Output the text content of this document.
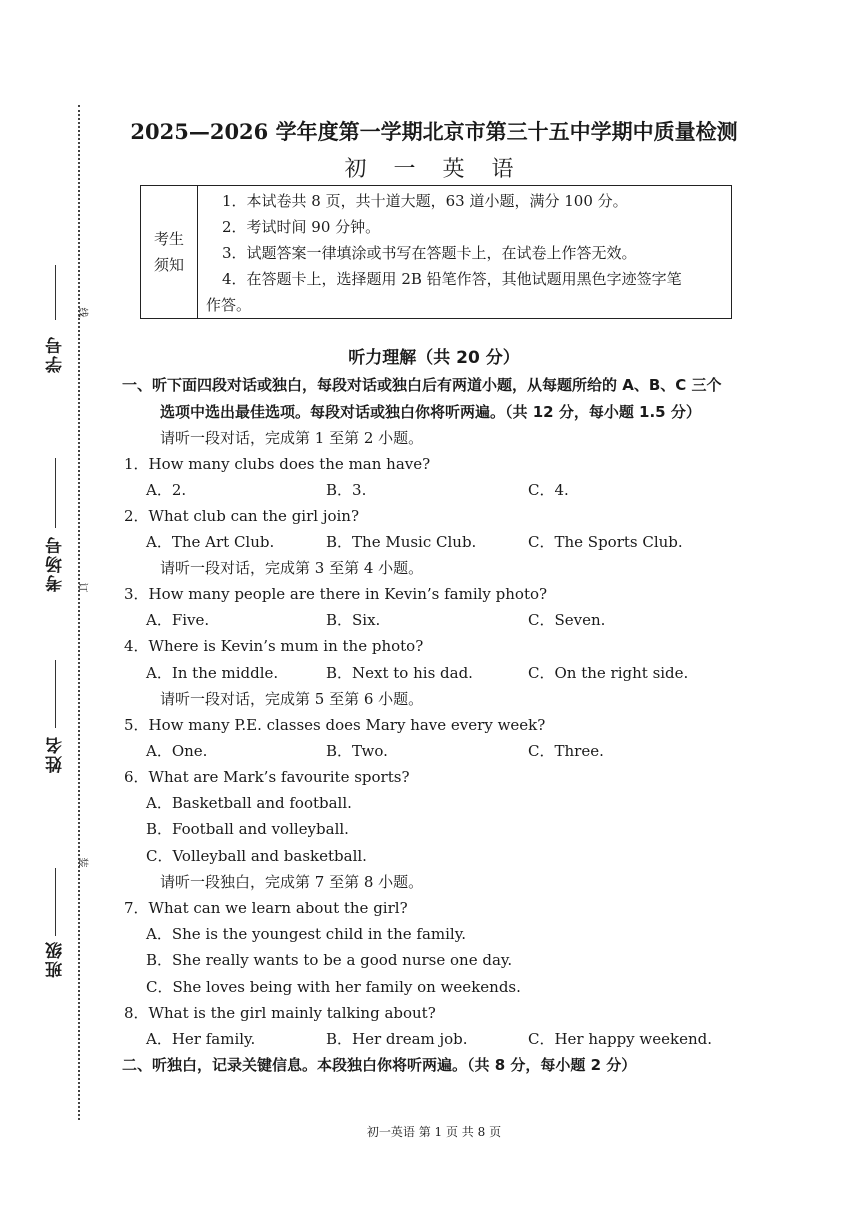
学号
线
考场号 订
姓名
装
班级
2025—2026 学年度第一学期北京市第三十五中学期中质量检测
初 一 英 语
考生
须知
1．本试卷共 8 页，共十道大题，63 道小题，满分 100 分。
2．考试时间 90 分钟。
3．试题答案一律填涂或书写在答题卡上，在试卷上作答无效。
4．在答题卡上，选择题用 2B 铅笔作答，其他试题用黑色字迹签字笔
作答。
听力理解（共 20 分）
一、听下面四段对话或独白，每段对话或独白后有两道小题，从每题所给的 A、B、C 三个
选项中选出最佳选项。每段对话或独白你将听两遍。（共 12 分，每小题 1.5 分）
请听一段对话，完成第 1 至第 2 小题。
1．How many clubs does the man have?
A．2.	B．3.	C．4.
2．What club can the girl join?
A．The Art Club.	B．The Music Club.	C．The Sports Club.
请听一段对话，完成第 3 至第 4 小题。
3．How many people are there in Kevin’s family photo?
A．Five.	B．Six.	C．Seven.
4．Where is Kevin’s mum in the photo?
A．In the middle.	B．Next to his dad.	C．On the right side.
请听一段对话，完成第 5 至第 6 小题。
5．How many P.E. classes does Mary have every week?
A．One.	B．Two.	C．Three.
6．What are Mark’s favourite sports?
A．Basketball and football.
B．Football and volleyball.
C．Volleyball and basketball.
请听一段独白，完成第 7 至第 8 小题。
7．What can we learn about the girl?
A．She is the youngest child in the family.
B．She really wants to be a good nurse one day.
C．She loves being with her family on weekends.
8．What is the girl mainly talking about?
A．Her family.	B．Her dream job.	C．Her happy weekend.
二、听独白，记录关键信息。本段独白你将听两遍。（共 8 分，每小题 2 分）
初一英语 第 1 页 共 8 页
